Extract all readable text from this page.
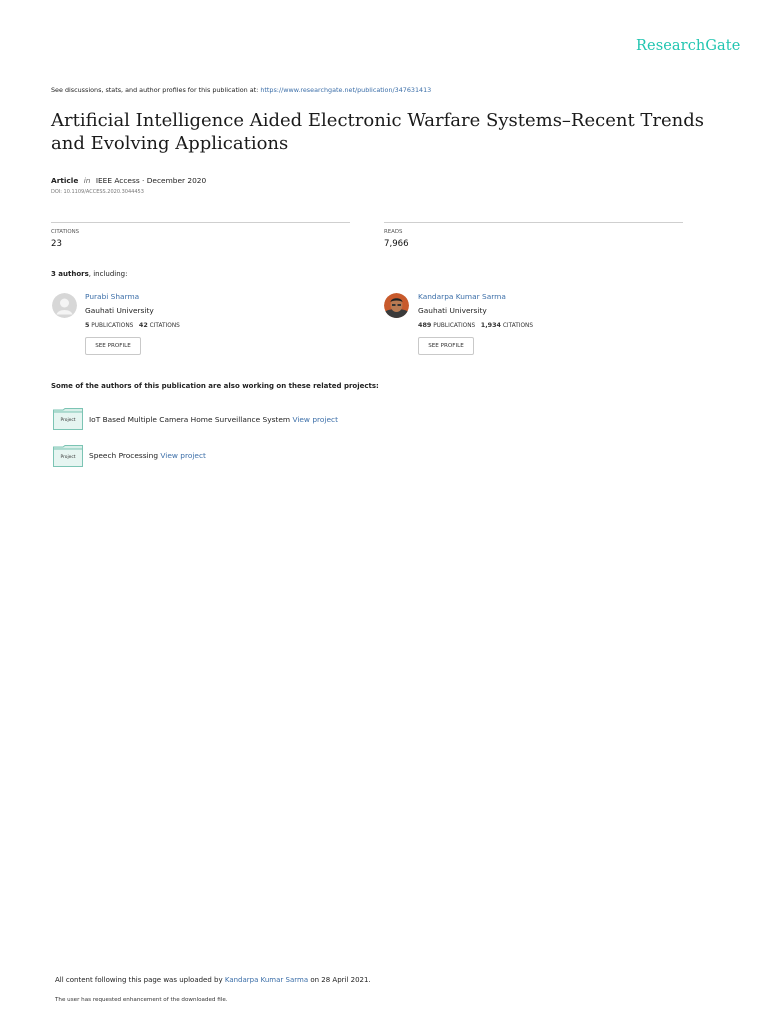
ResearchGate
See discussions, stats, and author profiles for this publication at: https://www.researchgate.net/publication/347631413
Artificial Intelligence Aided Electronic Warfare Systems–Recent Trends and Evolving Applications
Article in IEEE Access · December 2020
DOI: 10.1109/ACCESS.2020.3044453
CITATIONS
23
READS
7,966
3 authors, including:
Purabi Sharma
Gauhati University
5 PUBLICATIONS 42 CITATIONS
SEE PROFILE
Kandarpa Kumar Sarma
Gauhati University
489 PUBLICATIONS 1,934 CITATIONS
SEE PROFILE
Some of the authors of this publication are also working on these related projects:
Project	IoT Based Multiple Camera Home Surveillance System View project
Project	Speech Processing View project
All content following this page was uploaded by Kandarpa Kumar Sarma on 28 April 2021.
The user has requested enhancement of the downloaded file.
